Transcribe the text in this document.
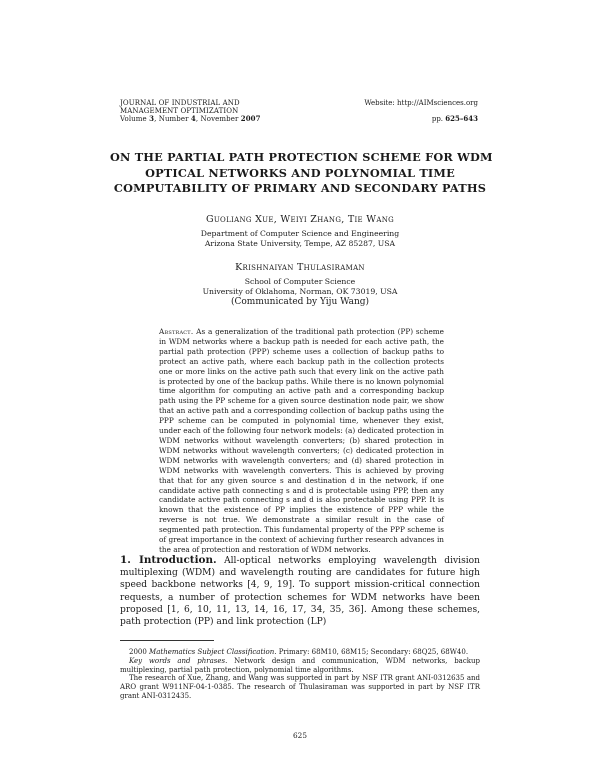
JOURNAL OF INDUSTRIAL AND
MANAGEMENT OPTIMIZATION
Volume 3, Number 4, November 2007
Website: http://AIMsciences.org
pp. 625–643
ON THE PARTIAL PATH PROTECTION SCHEME FOR WDM
OPTICAL NETWORKS AND POLYNOMIAL TIME
COMPUTABILITY OF PRIMARY AND SECONDARY PATHS
Guoliang Xue, Weiyi Zhang, Tie Wang
Department of Computer Science and Engineering
Arizona State University, Tempe, AZ 85287, USA
Krishnaiyan Thulasiraman
School of Computer Science
University of Oklahoma, Norman, OK 73019, USA
(Communicated by Yiju Wang)
Abstract. As a generalization of the traditional path protection (PP) scheme in WDM networks where a backup path is needed for each active path, the partial path protection (PPP) scheme uses a collection of backup paths to protect an active path, where each backup path in the collection protects one or more links on the active path such that every link on the active path is protected by one of the backup paths. While there is no known polynomial time algorithm for computing an active path and a corresponding backup path using the PP scheme for a given source destination node pair, we show that an active path and a corresponding collection of backup paths using the PPP scheme can be computed in polynomial time, whenever they exist, under each of the following four network models: (a) dedicated protection in WDM networks without wavelength converters; (b) shared protection in WDM networks without wavelength converters; (c) dedicated protection in WDM networks with wavelength converters; and (d) shared protection in WDM networks with wavelength converters. This is achieved by proving that that for any given source s and destination d in the network, if one candidate active path connecting s and d is protectable using PPP, then any candidate active path connecting s and d is also protectable using PPP. It is known that the existence of PP implies the existence of PPP while the reverse is not true. We demonstrate a similar result in the case of segmented path protection. This fundamental property of the PPP scheme is of great importance in the context of achieving further research advances in the area of protection and restoration of WDM networks.
1. Introduction. All-optical networks employing wavelength division multiplexing (WDM) and wavelength routing are candidates for future high speed backbone networks [4, 9, 19]. To support mission-critical connection requests, a number of protection schemes for WDM networks have been proposed [1, 6, 10, 11, 13, 14, 16, 17, 34, 35, 36]. Among these schemes, path protection (PP) and link protection (LP)

2000 Mathematics Subject Classification. Primary: 68M10, 68M15; Secondary: 68Q25, 68W40.

Key words and phrases. Network design and communication, WDM networks, backup multiplexing, partial path protection, polynomial time algorithms.

The research of Xue, Zhang, and Wang was supported in part by NSF ITR grant ANI-0312635 and ARO grant W911NF-04-1-0385. The research of Thulasiraman was supported in part by NSF ITR grant ANI-0312435.

625
